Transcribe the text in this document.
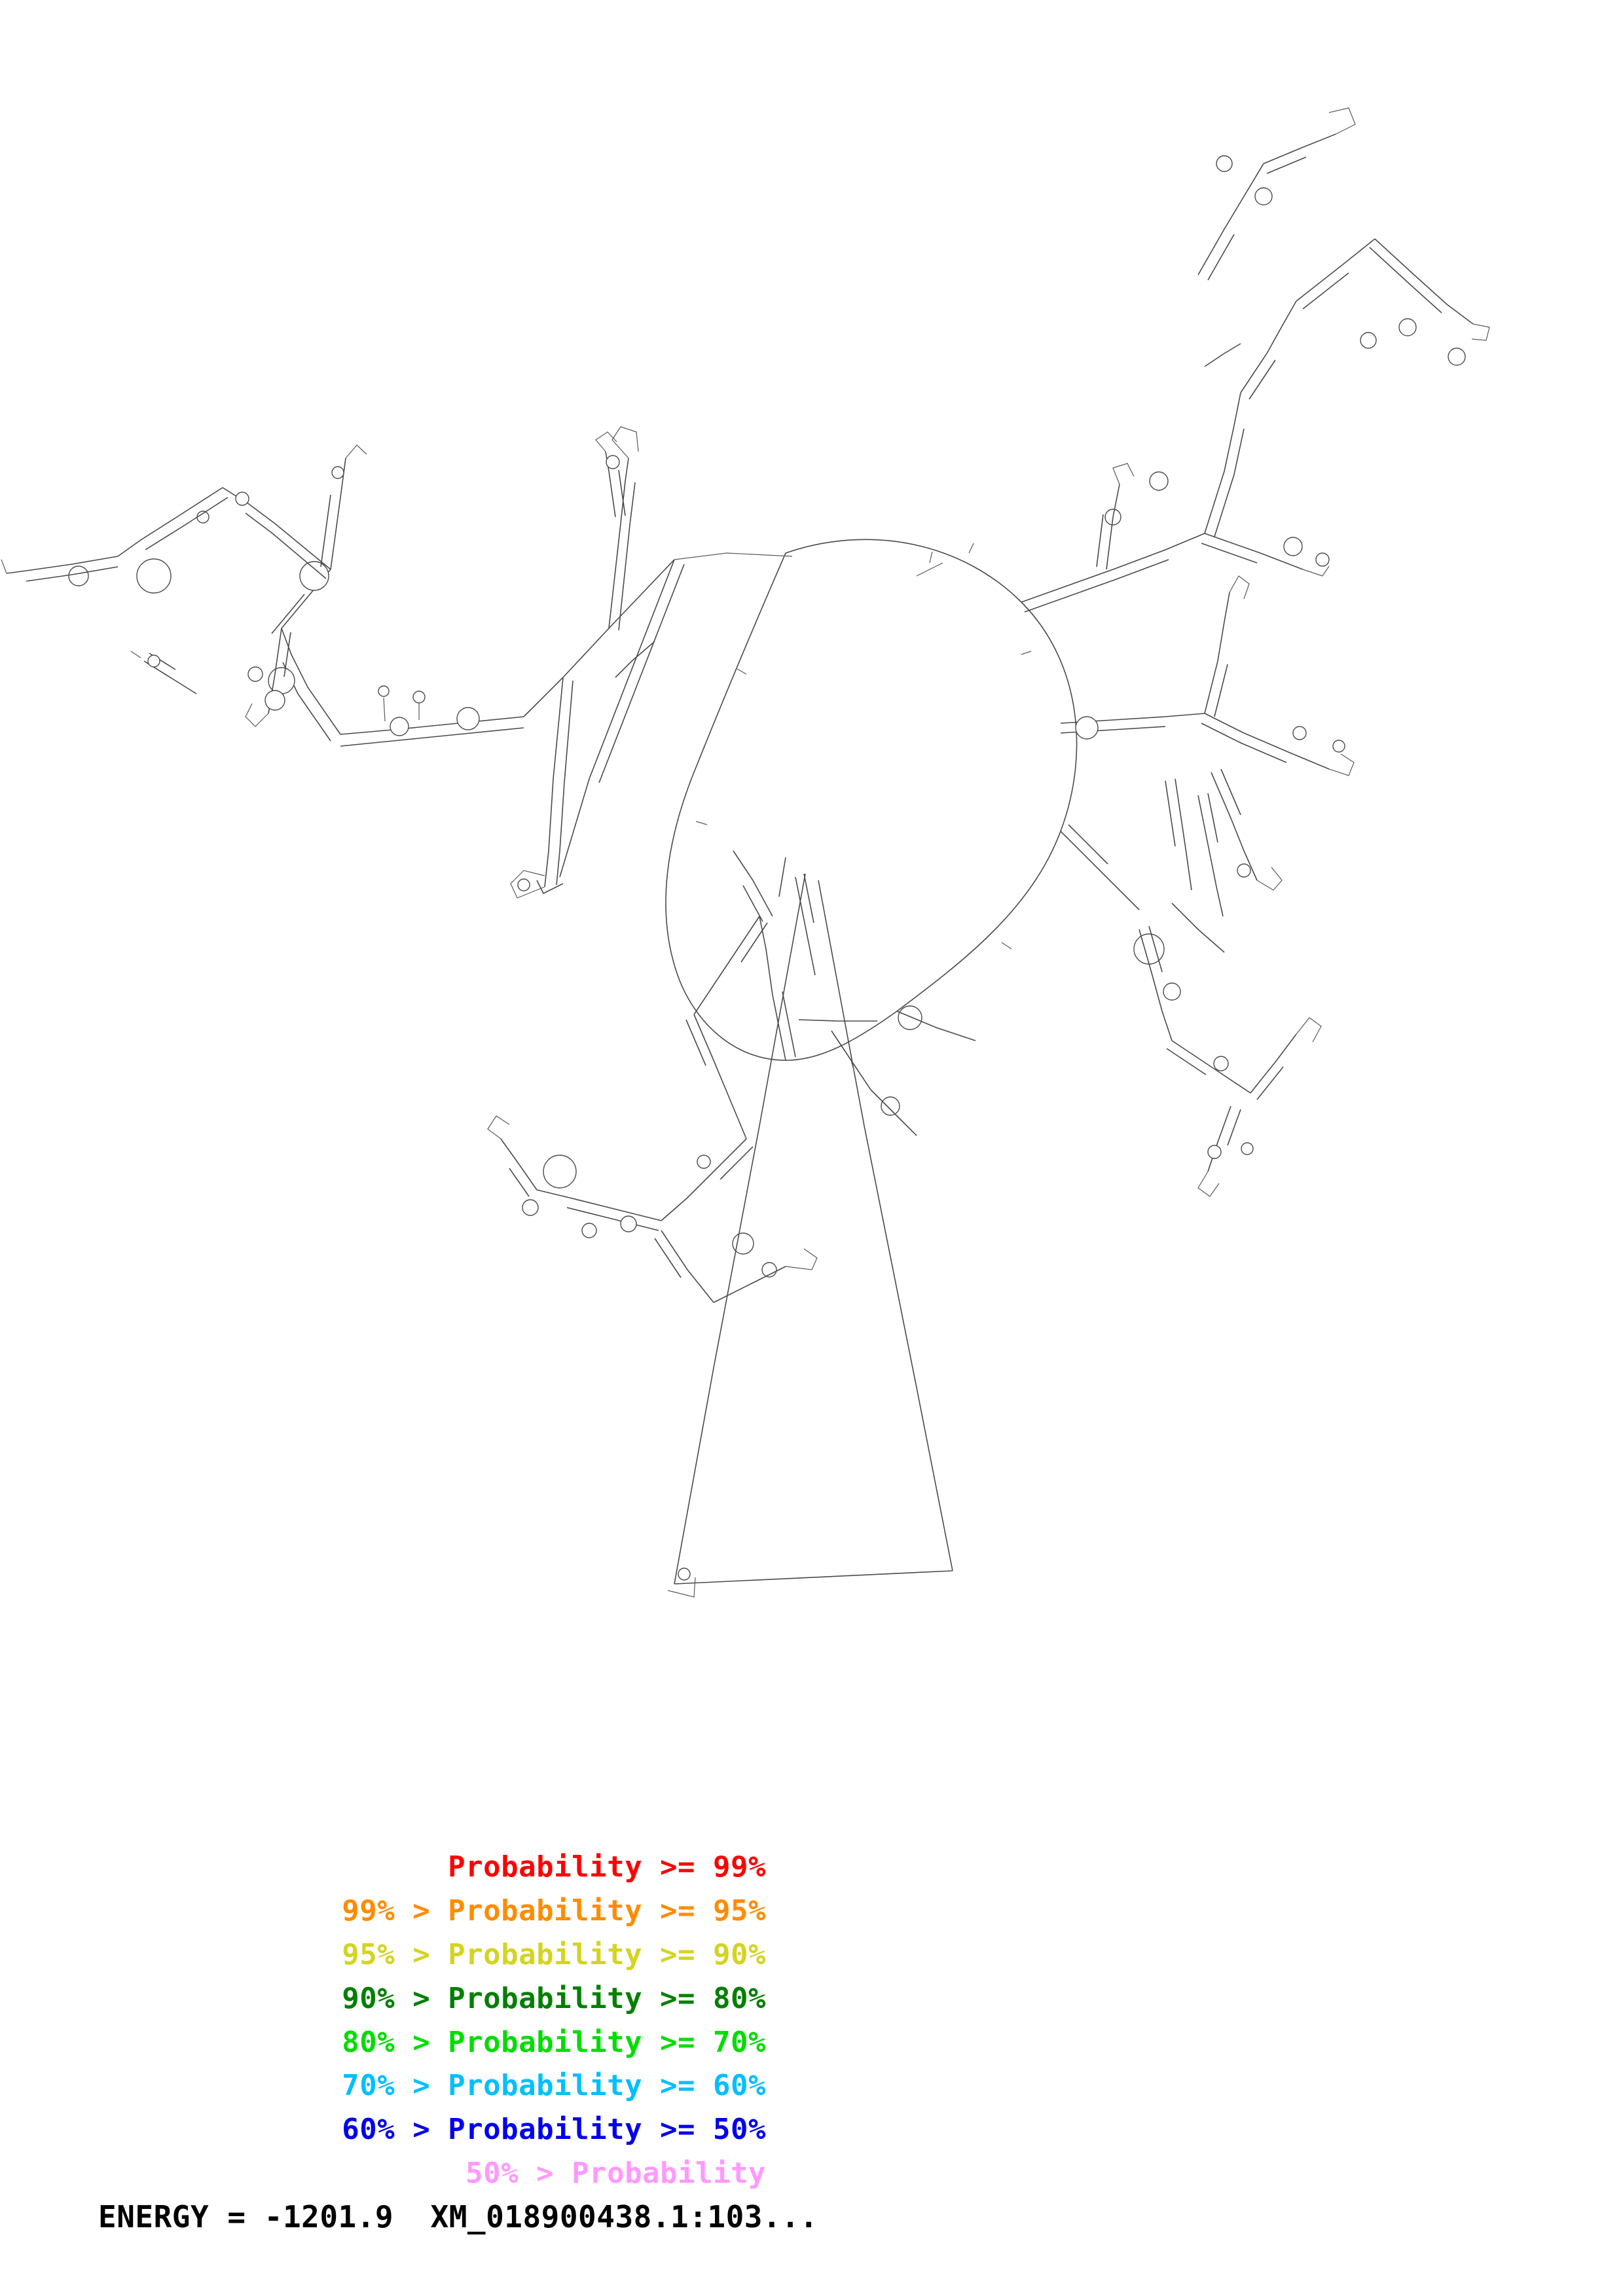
Probability >= 99%
99% > Probability >= 95%
95% > Probability >= 90%
90% > Probability >= 80%
80% > Probability >= 70%
70% > Probability >= 60%
60% > Probability >= 50%
50% > Probability
ENERGY = -1201.9  XM_018900438.1:103...
